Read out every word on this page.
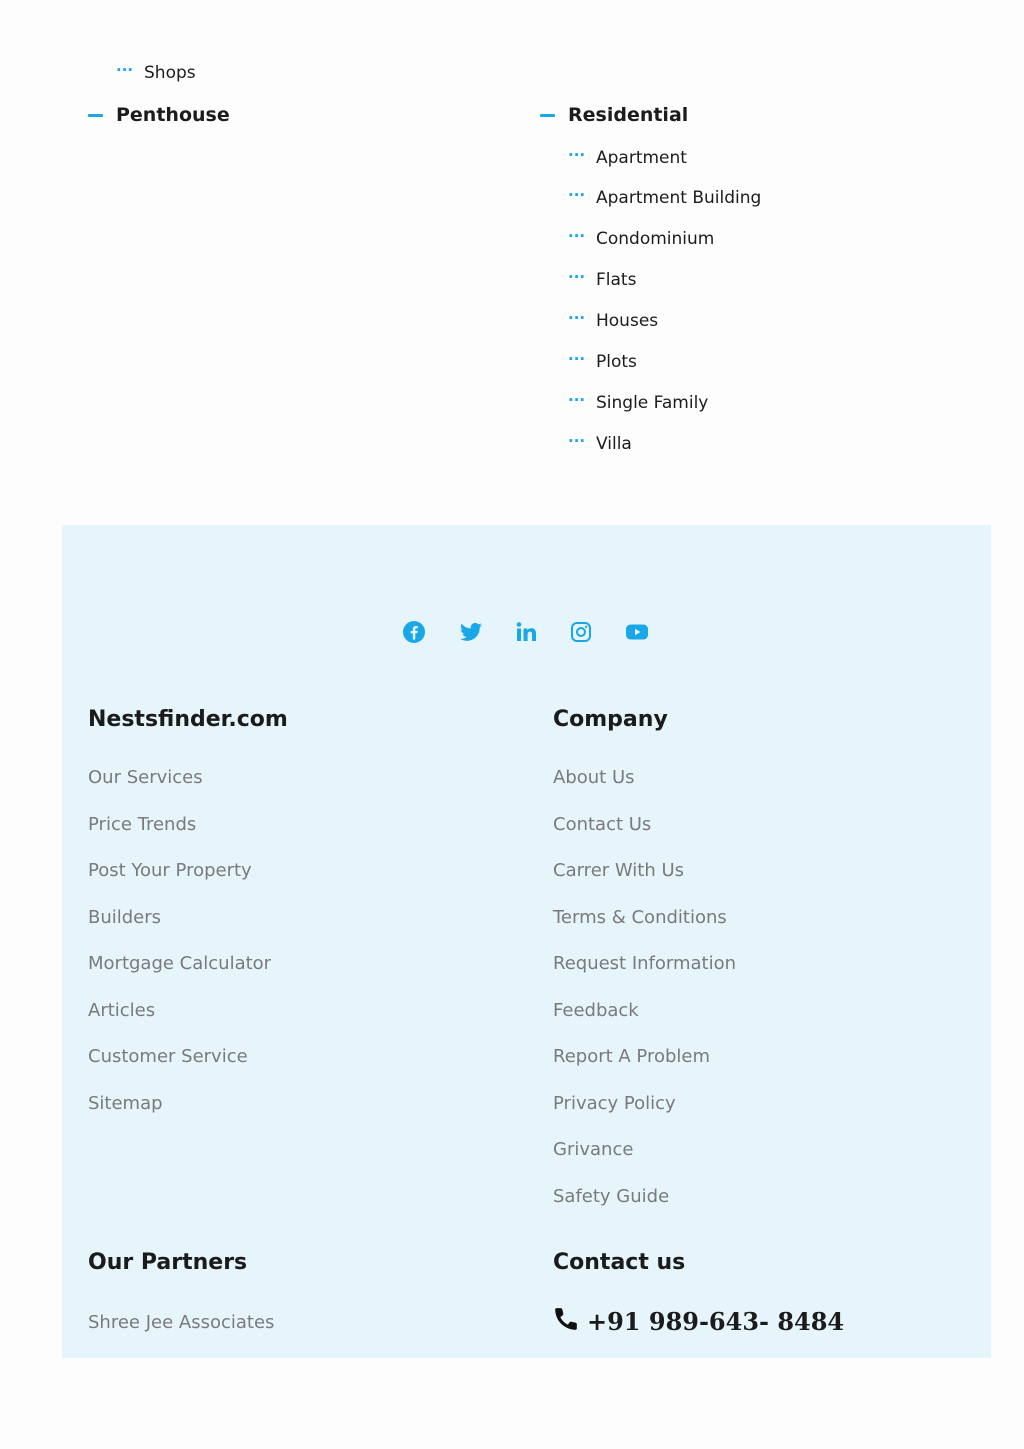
··· Shops
Penthouse	Residential
··· Apartment
··· Apartment Building
··· Condominium
··· Flats
··· Houses
··· Plots
··· Single Family
··· Villa
Nestsfinder.com
Our Services
Price Trends
Post Your Property
Builders
Mortgage Calculator
Articles
Customer Service
Sitemap
Company
About Us
Contact Us
Carrer With Us
Terms & Conditions
Request Information
Feedback
Report A Problem
Privacy Policy
Grivance
Safety Guide
Our Partners
Shree Jee Associates
Contact us
+91 989-643- 8484
